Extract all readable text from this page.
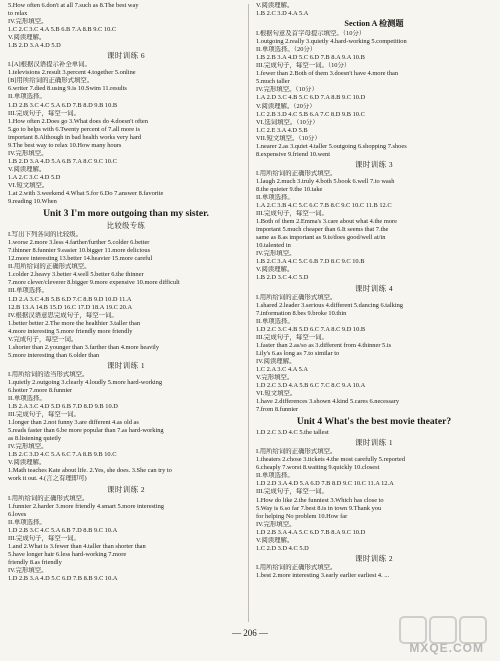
5.How often 6.don't at all 7.such as 8.The best way
to relax
IV.完形填空。
1.C 2.C 3.C 4.A 5.B 6.B 7.A 8.B 9.C 10.C
V.阅读理解。
1.B 2.D 3.A 4.D 5.D
课时训练 6
I.[A]根据汉语提示补全单词。
1.televisions 2.result 3.percent 4.together 5.online
[B]用所给词的正确形式填空。
6.writer 7.died 8.using 9.is 10.Swim 11.results
II.单项选择。
1.D 2.B 3.C 4.C 5.A 6.D 7.B 8.D 9.B 10.B
III.完成句子，每空一词。
1.How often 2.Does go 3.What does do 4.doesn't often
5.go to helps with 6.Twenty percent of 7.all more is
important 8.Although in bad health works very hard
9.The best way to relax 10.How many hours
IV.完形填空。
1.B 2.D 3.A 4.D 5.A 6.B 7.A 8.C 9.C 10.C
V.阅读理解。
1.A 2.C 3.C 4.D 5.D
VI.短文填空。
1.at 2.with 3.weekend 4.What 5.for 6.Do 7.answer 8.favorite
9.reading 10.When
Unit 3 I'm more outgoing than my sister.
比较级专练
I.写出下列各词的比较级。
1.worse 2.more 3.less 4.farther/further 5.colder 6.better
7.thinner 8.funnier 9.easier 10.bigger 11.more delicious
12.more interesting 13.better 14.heavier 15.more careful
II.用所给词的正确形式填空。
1.colder 2.heavy 3.better 4.well 5.better 6.the thinner
7.more clever/cleverer 8.bigger 9.more expensive 10.more difficult
III.单项选择。
1.D 2.A 3.C 4.B 5.B 6.D 7.C 8.B 9.D 10.D 11.A
12.B 13.A 14.B 15.D 16.C 17.D 18.A 19.C 20.A
IV.根据汉语意思完成句子，每空一词。
1.better better 2.The more the healthier 3.taller than
4.more interesting 5.more friendly more friendly
V.完成句子，每空一词。
1.shorter than 2.younger than 3.farther than 4.more heavily
5.more interesting than 6.older than
课时训练 1
I.用所给词的适当形式填空。
1.quietly 2.outgoing 3.clearly 4.loudly 5.more hard-working
6.hotter 7.more 8.funnier
II.单项选择。
1.B 2.A 3.C 4.D 5.D 6.B 7.D 8.D 9.B 10.D
III.完成句子，每空一词。
1.longer than 2.not funny 3.are different 4.as old as
5.reads faster than 6.be more popular than 7.as hard-working
as 8.listening quietly
IV.完形填空。
1.B 2.C 3.D 4.C 5.A 6.C 7.A 8.B 9.B 10.C
V.阅读理解。
1.Math teaches Kate about life. 2.Yes, she does. 3.She can try to
work it out. 4.(言之有理即可)
课时训练 2
I.用所给词的正确形式填空。
1.funnier 2.harder 3.more friendly 4.smart 5.more interesting
6.loves
II.单项选择。
1.D 2.B 3.C 4.C 5.A 6.B 7.D 8.B 9.C 10.A
III.完成句子，每空一词。
1.and 2.What is 3.fewer than 4.taller than shorter than
5.have longer hair 6.less hard-working 7.more
friendly 8.as friendly
IV.完形填空。
1.D 2.B 3.A 4.D 5.C 6.D 7.B 8.B 9.C 10.A
V.阅读理解。
1.B 2.C 3.D 4.A 5.A
Section A 检测题
I.根据句意及首字母提示填空。（10分）
1.outgoing 2.really 3.quietly 4.hard-working 5.competition
II.单项选择。（20分）
1.B 2.B 3.A 4.D 5.C 6.D 7.B 8.A 9.A 10.B
III.完成句子，每空一词。（10分）
1.fewer than 2.Both of them 3.doesn't have 4.more than
5.much taller
IV.完形填空。（10分）
1.A 2.D 3.C 4.B 5.C 6.D 7.A 8.B 9.C 10.D
V.阅读理解。（20分）
1.C 2.B 3.D 4.C 5.B 6.A 7.C 8.D 9.B 10.C
VI.选词填空。（10分）
1.C 2.E 3.A 4.D 5.B
VII.短文填空。（10分）
1.nearer 2.as 3.quiet 4.taller 5.outgoing 6.shopping 7.shoes
8.expensive 9.friend 10.went
课时训练 3
I.用所给词的正确形式填空。
1.laugh 2.much 3.truly 4.both 5.book 6.well 7.to wash
8.the quieter 9.the 10.take
II.单项选择。
1.A 2.C 3.B 4.C 5.C 6.C 7.B 8.C 9.C 10.C 11.B 12.C
III.完成句子，每空一词。
1.Both of them 2.Emma's 3.care about what 4.the more
important 5.much cheaper than 6.It seems that 7.the
same as 8.as important as 9.is/does good/well at/in
10.talented in
IV.完形填空。
1.B 2.C 3.A 4.C 5.C 6.B 7.D 8.C 9.C 10.B
V.阅读理解。
1.B 2.D 3.C 4.C 5.D
课时训练 4
I.用所给词的正确形式填空。
1.shared 2.leader 3.serious 4.different 5.dancing 6.talking
7.information 8.bes 9.broke 10.thin
II.单项选择。
1.D 2.C 3.C 4.B 5.D 6.C 7.A 8.C 9.D 10.B
III.完成句子，每空一词。
1.faster than 2.as/so as 3.different from 4.thinner 5.is
Lily's 6.as long as 7.to similar to
IV.阅读理解。
1.C 2.A 3.C 4.A 5.A
V.完形填空。
1.D 2.C 3.D 4.A 5.B 6.C 7.C 8.C 9.A 10.A
VI.短文填空。
1.have 2.differences 3.shown 4.kind 5.cares 6.necessary
7.from 8.funnier
Unit 4 What's the best movie theater?
1.D 2.C 3.D 4.C 5.the tallest
课时训练 1
I.用所给词的正确形式填空。
1.theaters 2.chose 3.tickets 4.the most carefully 5.reported
6.cheaply 7.worst 8.waiting 9.quickly 10.closest
II.单项选择。
1.D 2.D 3.A 4.D 5.A 6.D 7.B 8.D 9.C 10.C 11.A 12.A
III.完成句子，每空一词。
1.How do like 2.the funniest 3.Which has close to
5.Way is 6.so far 7.best 8.is in town 9.Thank you
for helping No problem 10.How far
IV.完形填空。
1.D 2.B 3.A 4.A 5.C 6.D 7.B 8.A 9.C 10.D
V.阅读理解。
1.C 2.D 3.D 4.C 5.D
课时训练 2
I.用所给词的正确形式填空。
1.best 2.more interesting 3.early earlier earliest 4. ...
— 206 —
MXQE.COM
